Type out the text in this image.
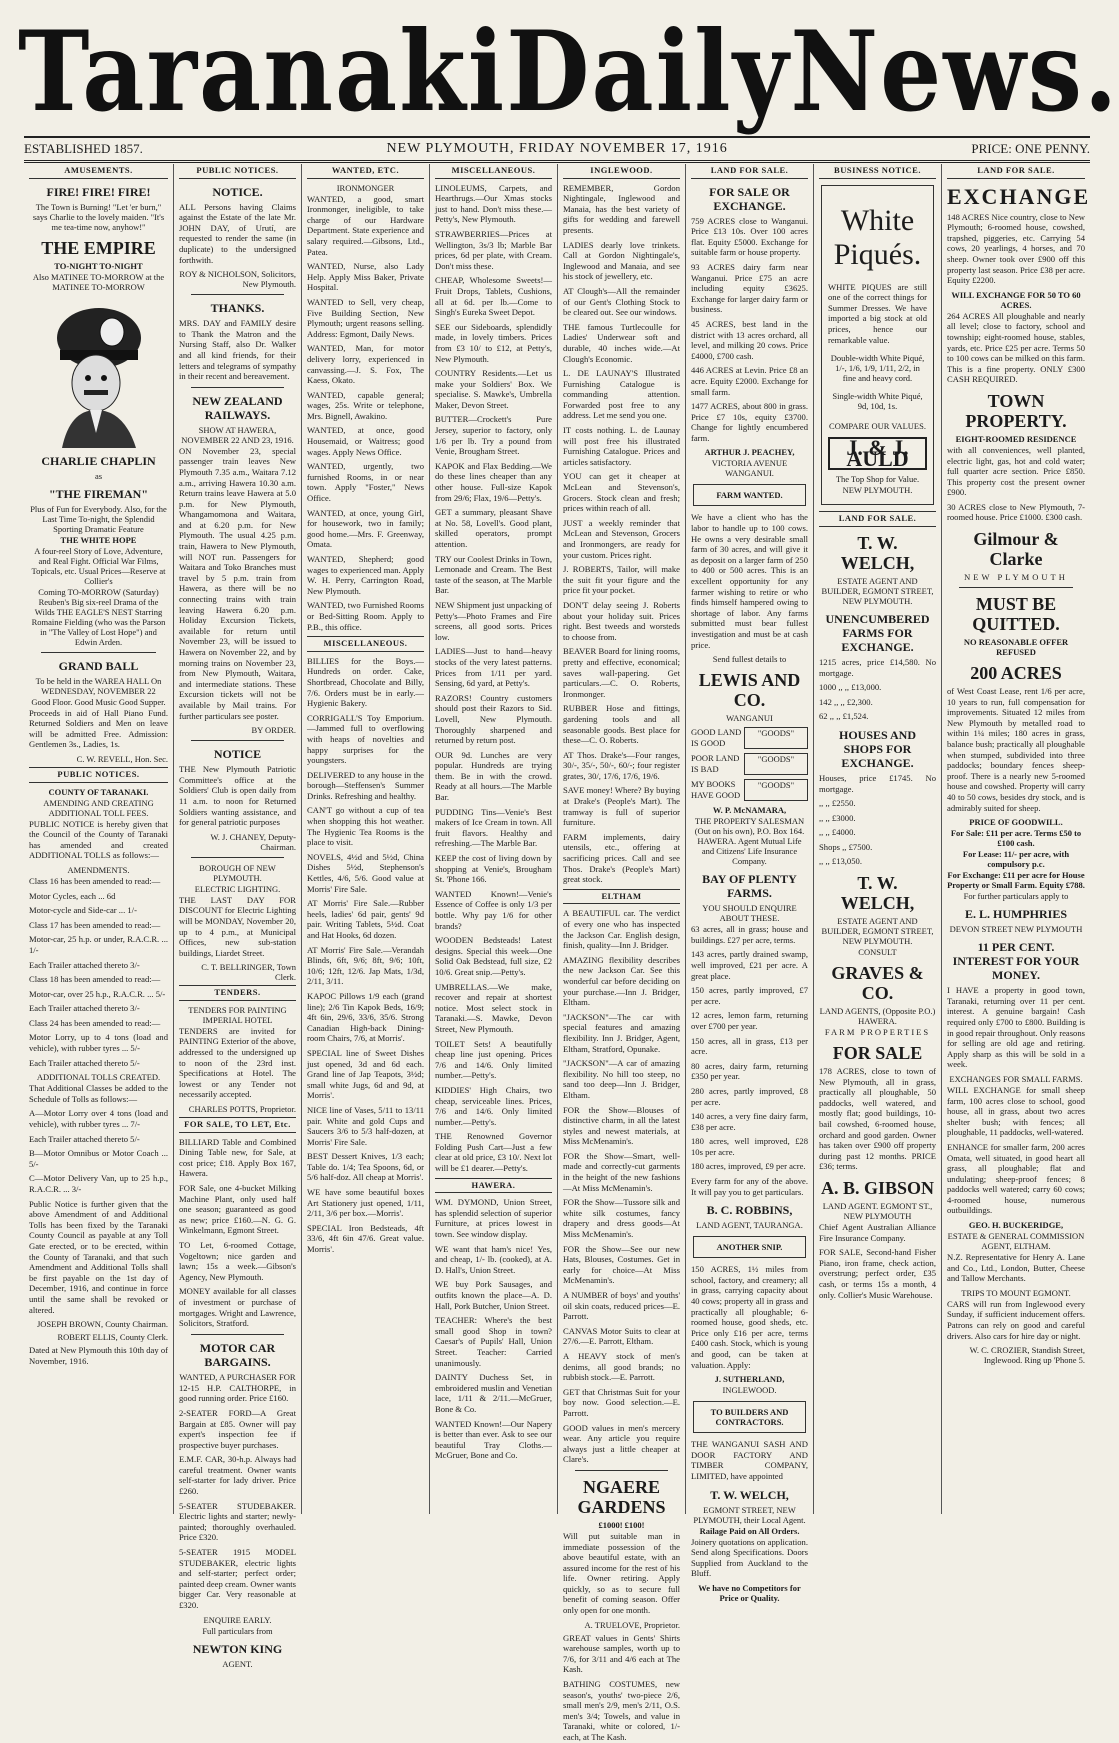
Taranaki Daily News.
ESTABLISHED 1857.	NEW PLYMOUTH, FRIDAY NOVEMBER 17, 1916	PRICE: ONE PENNY.
AMUSEMENTS.
FIRE! FIRE! FIRE!
The Town is Burning! "Let 'er burn," says Charlie to the lovely maiden. "It's me tea-time now, anyhow!"
THE EMPIRE
TO-NIGHT TO-NIGHT
Also MATINEE TO-MORROW at the MATINEE TO-MORROW
CHARLIE CHAPLIN
as
"THE FIREMAN"
Plus of Fun for Everybody. Also, for the Last Time To-night, the Splendid Sporting Dramatic Feature
THE WHITE HOPE
A four-reel Story of Love, Adventure, and Real Fight. Official War Films, Topicals, etc. Usual Prices—Reserve at Collier's
Coming TO-MORROW (Saturday) Reuben's Big six-reel Drama of the Wilds THE EAGLE'S NEST Starring Romaine Fielding (who was the Parson in "The Valley of Lost Hope") and Edwin Arden.
GRAND BALL
To be held in the WAREA HALL On WEDNESDAY, NOVEMBER 22
Good Floor. Good Music Good Supper.
Proceeds in aid of Hall Piano Fund. Returned Soldiers and Men on leave will be admitted Free. Admission: Gentlemen 3s., Ladies, 1s.
C. W. REVELL, Hon. Sec.
PUBLIC NOTICES.
COUNTY OF TARANAKI.
AMENDING AND CREATING ADDITIONAL TOLL FEES.
PUBLIC NOTICE is hereby given that the Council of the County of Taranaki has amended and created ADDITIONAL TOLLS as follows:—
AMENDMENTS.
Class 16 has been amended to read:—
Motor Cycles, each ... 6d
Motor-cycle and Side-car ... 1/-
Class 17 has been amended to read:—
Motor-car, 25 h.p. or under, R.A.C.R. ... 1/-
Each Trailer attached thereto 3/-
Class 18 has been amended to read:—
Motor-car, over 25 h.p., R.A.C.R. ... 5/-
Each Trailer attached thereto 3/-
Class 24 has been amended to read:—
Motor Lorry, up to 4 tons (load and vehicle), with rubber tyres ... 5/-
Each Trailer attached thereto 5/-
ADDITIONAL TOLLS CREATED.
That Additional Classes be added to the Schedule of Tolls as follows:—
A—Motor Lorry over 4 tons (load and vehicle), with rubber tyres ... 7/-
Each Trailer attached thereto 5/-
B—Motor Omnibus or Motor Coach ... 5/-
C—Motor Delivery Van, up to 25 h.p., R.A.C.R. ... 3/-
Public Notice is further given that the above Amendment of and Additional Tolls has been fixed by the Taranaki County Council as payable at any Toll Gate erected, or to be erected, within the County of Taranaki, and that such Amendment and Additional Tolls shall be first payable on the 1st day of December, 1916, and continue in force until the same shall be revoked or altered.
JOSEPH BROWN, County Chairman.
ROBERT ELLIS, County Clerk.
Dated at New Plymouth this 10th day of November, 1916.
PUBLIC NOTICES.
NOTICE.
ALL Persons having Claims against the Estate of the late Mr. JOHN DAY, of Urutí, are requested to render the same (in duplicate) to the undersigned forthwith.
ROY & NICHOLSON, Solicitors, New Plymouth.
THANKS.
MRS. DAY and FAMILY desire to Thank the Matron and the Nursing Staff, also Dr. Walker and all kind friends, for their letters and telegrams of sympathy in their recent and bereavement.
NEW ZEALAND RAILWAYS.
SHOW AT HAWERA, NOVEMBER 22 AND 23, 1916.
ON November 23, special passenger train leaves New Plymouth 7.35 a.m., Waitara 7.12 a.m., arriving Hawera 10.30 a.m. Return trains leave Hawera at 5.0 p.m. for New Plymouth, Whangamomona and Waitara, and at 6.20 p.m. for New Plymouth. The usual 4.25 p.m. train, Hawera to New Plymouth, will NOT run. Passengers for Waitara and Toko Branches must travel by 5 p.m. train from Hawera, as there will be no connecting trains with train leaving Hawera 6.20 p.m. Holiday Excursion Tickets, available for return until November 23, will be issued to Hawera on November 22, and by morning trains on November 23, from New Plymouth, Waitara, and intermediate stations. These Excursion tickets will not be available by Mail trains. For further particulars see poster.
BY ORDER.
NOTICE
THE New Plymouth Patriotic Committee's office at the Soldiers' Club is open daily from 11 a.m. to noon for Returned Soldiers wanting assistance, and for general patriotic purposes
W. J. CHANEY, Deputy-Chairman.
BOROUGH OF NEW PLYMOUTH.
ELECTRIC LIGHTING.
THE LAST DAY FOR DISCOUNT for Electric Lighting will be MONDAY, November 20, up to 4 p.m., at Municipal Offices, new sub-station buildings, Liardet Street.
C. T. BELLRINGER, Town Clerk.
TENDERS.
TENDERS FOR PAINTING IMPERIAL HOTEL
TENDERS are invited for PAINTING Exterior of the above, addressed to the undersigned up to noon of the 23rd inst. Specifications at Hotel. The lowest or any Tender not necessarily accepted.
CHARLES POTTS, Proprietor.
FOR SALE, TO LET, Etc.
BILLIARD Table and Combined Dining Table new, for Sale, at cost price; £18. Apply Box 167, Hawera.
FOR Sale, one 4-bucket Milking Machine Plant, only used half one season; guaranteed as good as new; price £160.—N. G. G. Winkelmann, Egmont Street.
TO Let, 6-roomed Cottage, Vogeltown; nice garden and lawn; 15s a week.—Gibson's Agency, New Plymouth.
MONEY available for all classes of investment or purchase of mortgages. Wright and Lawrence, Solicitors, Stratford.
MOTOR CAR BARGAINS.
WANTED, A PURCHASER FOR
12-15 H.P. CALTHORPE, in good running order. Price £160.
2-SEATER FORD—A Great Bargain at £85. Owner will pay expert's inspection fee if prospective buyer purchases.
E.M.F. CAR, 30-h.p. Always had careful treatment. Owner wants self-starter for lady driver. Price £260.
5-SEATER STUDEBAKER. Electric lights and starter; newly-painted; thoroughly overhauled. Price £320.
5-SEATER 1915 MODEL STUDEBAKER, electric lights and self-starter; perfect order; painted deep cream. Owner wants bigger Car. Very reasonable at £320.
ENQUIRE EARLY.
Full particulars from
NEWTON KING
AGENT.
WANTED, ETC.
IRONMONGER
WANTED, a good, smart Ironmonger, ineligible, to take charge of our Hardware Department. State experience and salary required.—Gibsons, Ltd., Patea.
WANTED, Nurse, also Lady Help. Apply Miss Baker, Private Hospital.
WANTED to Sell, very cheap, Five Building Section, New Plymouth; urgent reasons selling. Address: Egmont, Daily News.
WANTED, Man, for motor delivery lorry, experienced in canvassing.—J. S. Fox, The Kaess, Okato.
WANTED, capable general; wages, 25s. Write or telephone, Mrs. Bignell, Awakino.
WANTED, at once, good Housemaid, or Waitress; good wages. Apply News Office.
WANTED, urgently, two furnished Rooms, in or near town. Apply "Foster," News Office.
WANTED, at once, young Girl, for housework, two in family; good home.—Mrs. F. Greenway, Omata.
WANTED, Shepherd; good wages to experienced man. Apply W. H. Perry, Carrington Road, New Plymouth.
WANTED, two Furnished Rooms or Bed-Sitting Room. Apply to P.B., this office.
MISCELLANEOUS.
BILLIES for the Boys.—Hundreds on order. Cake, Shortbread, Chocolate and Billy, 7/6. Orders must be in early.—Hygienic Bakery.
CORRIGALL'S Toy Emporium.—Jammed full to overflowing with heaps of novelties and happy surprises for the youngsters.
DELIVERED to any house in the borough—Steffensen's Summer Drinks. Refreshing and healthy.
CAN'T go without a cup of tea when shopping this hot weather. The Hygienic Tea Rooms is the place to visit.
NOVELS, 4½d and 5½d, China Dishes 5½d, Stephenson's Kettles, 4/6, 5/6. Good value at Morris' Fire Sale.
AT Morris' Fire Sale.—Rubber heels, ladies' 6d pair, gents' 9d pair. Writing Tablets, 5½d. Coat and Hat Hooks, 6d dozen.
AT Morris' Fire Sale.—Verandah Blinds, 6ft, 9/6; 8ft, 9/6; 10ft, 10/6; 12ft, 12/6. Jap Mats, 1/3d, 2/11, 3/11.
KAPOC Pillows 1/9 each (grand line); 2/6 Tin Kapok Beds, 16/9; 4ft 6in, 29/6, 33/6, 35/6. Strong Canadian High-back Dining-room Chairs, 7/6, at Morris'.
SPECIAL line of Sweet Dishes just opened, 3d and 6d each. Grand line of Jap Teapots, 3½d; small white Jugs, 6d and 9d, at Morris'.
NICE line of Vases, 5/11 to 13/11 pair. White and gold Cups and Saucers 3/6 to 5/3 half-dozen, at Morris' Fire Sale.
BEST Dessert Knives, 1/3 each; Table do. 1/4; Tea Spoons, 6d, or 5/6 half-doz. All cheap at Morris'.
WE have some beautiful boxes Art Stationery just opened, 1/11, 2/11, 3/6 per box.—Morris'.
SPECIAL Iron Bedsteads, 4ft 33/6, 4ft 6in 47/6. Great value. Morris'.
MISCELLANEOUS.
LINOLEUMS, Carpets, and Hearthrugs.—Our Xmas stocks just to hand. Don't miss these.—Petty's, New Plymouth.
STRAWBERRIES—Prices at Wellington, 3s/3 lb; Marble Bar prices, 6d per plate, with Cream. Don't miss these.
CHEAP, Wholesome Sweets!—Fruit Drops, Tablets, Cushions, all at 6d. per lb.—Come to Singh's Eureka Sweet Depot.
SEE our Sideboards, splendidly made, in lovely timbers. Prices from £3 10/ to £12, at Petty's, New Plymouth.
COUNTRY Residents.—Let us make your Soldiers' Box. We specialise. S. Mawke's, Umbrella Maker, Devon Street.
BUTTER—Crockett's Pure Jersey, superior to factory, only 1/6 per lb. Try a pound from Venie, Brougham Street.
KAPOK and Flax Bedding.—We do these lines cheaper than any other house. Full-size Kapok from 29/6; Flax, 19/6—Petty's.
GET a summary, pleasant Shave at No. 58, Lovell's. Good plant, skilled operators, prompt attention.
TRY our Coolest Drinks in Town, Lemonade and Cream. The Best taste of the season, at The Marble Bar.
NEW Shipment just unpacking of Petty's—Photo Frames and Fire screens, all good sorts. Prices low.
LADIES—Just to hand—heavy stocks of the very latest patterns. Prices from 1/11 per yard. Sensing, 6d yard, at Petty's.
RAZORS! Country customers should post their Razors to Sid. Lovell, New Plymouth. Thoroughly sharpened and returned by return post.
OUR 9d. Lunches are very popular. Hundreds are trying them. Be in with the crowd. Ready at all hours.—The Marble Bar.
PUDDING Tins—Venie's Best makers of Ice Cream in town. All fruit flavors. Healthy and refreshing.—The Marble Bar.
KEEP the cost of living down by shopping at Venie's, Brougham St. 'Phone 166.
WANTED Known!—Venie's Essence of Coffee is only 1/3 per bottle. Why pay 1/6 for other brands?
WOODEN Bedsteads! Latest designs. Special this week—One Solid Oak Bedstead, full size, £2 10/6. Great snip.—Petty's.
UMBRELLAS.—We make, recover and repair at shortest notice. Most select stock in Taranaki.—S. Mawke, Devon Street, New Plymouth.
TOILET Sets! A beautifully cheap line just opening. Prices 7/6 and 14/6. Only limited number.—Petty's.
KIDDIES' High Chairs, two cheap, serviceable lines. Prices, 7/6 and 14/6. Only limited number.—Petty's.
THE Renowned Governor Folding Push Cart—Just a few clear at old price, £3 10/. Next lot will be £1 dearer.—Petty's.
HAWERA.
WM. DYMOND, Union Street, has splendid selection of superior Furniture, at prices lowest in town. See window display.
WE want that ham's nice! Yes, and cheap, 1/- lb. (cooked), at A. D. Hall's, Union Street.
WE buy Pork Sausages, and outfits known the place—A. D. Hall, Pork Butcher, Union Street.
TEACHER: Where's the best small good Shop in town? Caesar's of Pupils' Hall, Union Street. Teacher: Carried unanimously.
DAINTY Duchess Set, in embroidered muslin and Venetian lace, 1/11 & 2/11.—McGruer, Bone & Co.
WANTED Known!—Our Napery is better than ever. Ask to see our beautiful Tray Cloths.—McGruer, Bone and Co.
INGLEWOOD.
REMEMBER, Gordon Nightingale, Inglewood and Manaia, has the best variety of gifts for wedding and farewell presents.
LADIES dearly love trinkets. Call at Gordon Nightingale's, Inglewood and Manaia, and see his stock of jewellery, etc.
AT Clough's—All the remainder of our Gent's Clothing Stock to be cleared out. See our windows.
THE famous Turtlecoulle for Ladies' Underwear soft and durable, 40 inches wide.—At Clough's Economic.
L. DE LAUNAY'S Illustrated Furnishing Catalogue is commanding attention. Forwarded post free to any address. Let me send you one.
IT costs nothing. L. de Launay will post free his illustrated Furnishing Catalogue. Prices and articles satisfactory.
YOU can get it cheaper at McLean and Stevenson's, Grocers. Stock clean and fresh; prices within reach of all.
JUST a weekly reminder that McLean and Stevenson, Grocers and Ironmongers, are ready for your custom. Prices right.
J. ROBERTS, Tailor, will make the suit fit your figure and the price fit your pocket.
DON'T delay seeing J. Roberts about your holiday suit. Prices right. Best tweeds and worsteds to choose from.
BEAVER Board for lining rooms, pretty and effective, economical; saves wall-papering. Get particulars.—C. O. Roberts, Ironmonger.
RUBBER Hose and fittings, gardening tools and all seasonable goods. Best place for these—C. O. Roberts.
AT Thos. Drake's—Four ranges, 30/-, 35/-, 50/-, 60/-; four register grates, 30/, 17/6, 17/6, 19/6.
SAVE money! Where? By buying at Drake's (People's Mart). The tramway is full of superior furniture.
FARM implements, dairy utensils, etc., offering at sacrificing prices. Call and see Thos. Drake's (People's Mart) great stock.
ELTHAM
A BEAUTIFUL car. The verdict of every one who has inspected the Jackson Car. English design, finish, quality—Inn J. Bridger.
AMAZING flexibility describes the new Jackson Car. See this wonderful car before deciding on your purchase.—Inn J. Bridger, Eltham.
"JACKSON"—The car with special features and amazing flexibility. Inn J. Bridger, Agent, Eltham, Stratford, Opunake.
"JACKSON"—A car of amazing flexibility. No hill too steep, no sand too deep—Inn J. Bridger, Eltham.
FOR the Show—Blouses of distinctive charm, in all the latest styles and newest materials, at Miss McMenamin's.
FOR the Show—Smart, well-made and correctly-cut garments in the height of the new fashions—At Miss McMenamin's.
FOR the Show—Tussore silk and white silk costumes, fancy drapery and dress goods—At Miss McMenamin's.
FOR the Show—See our new Hats, Blouses, Costumes. Get in early for choice—At Miss McMenamin's.
A NUMBER of boys' and youths' oil skin coats, reduced prices—E. Parrott.
CANVAS Motor Suits to clear at 27/6.—E. Parrott, Eltham.
A HEAVY stock of men's denims, all good brands; no rubbish stock.—E. Parrott.
GET that Christmas Suit for your boy now. Good selection.—E. Parrott.
GOOD values in men's mercery wear. Any article you require always just a little cheaper at Clare's.
NGAERE GARDENS
£1000! £100!
Will put suitable man in immediate possession of the above beautiful estate, with an assured income for the rest of his life. Owner retiring. Apply quickly, so as to secure full benefit of coming season. Offer only open for one month.
A. TRUELOVE, Proprietor.
GREAT values in Gents' Shirts warehouse samples, worth up to 7/6, for 3/11 and 4/6 each at The Kash.
BATHING COSTUMES, new season's, youths' two-piece 2/6, small men's 2/9, men's 2/11, O.S. men's 3/4; Towels, and value in Taranaki, white or colored, 1/- each, at The Kash.
LAND FOR SALE.
FOR SALE OR EXCHANGE.
759 ACRES close to Wanganui. Price £13 10s. Over 100 acres flat. Equity £5000. Exchange for suitable farm or house property.
93 ACRES dairy farm near Wanganui. Price £75 an acre including equity £3625. Exchange for larger dairy farm or business.
45 ACRES, best land in the district with 13 acres orchard, all level, and milking 20 cows. Price £4000, £700 cash.
446 ACRES at Levin. Price £8 an acre. Equity £2000. Exchange for small farm.
1477 ACRES, about 800 in grass. Price £7 10s, equity £3700. Change for lightly encumbered farm.
ARTHUR J. PEACHEY,
VICTORIA AVENUE WANGANUI.
FARM WANTED.
We have a client who has the labor to handle up to 100 cows. He owns a very desirable small farm of 30 acres, and will give it as deposit on a larger farm of 250 to 400 or 500 acres. This is an excellent opportunity for any farmer wishing to retire or who finds himself hampered owing to shortage of labor. Any farms submitted must bear fullest investigation and must be at cash price.
Send fullest details to
LEWIS AND CO.
WANGANUI
GOOD LAND IS GOOD
"GOODS"
POOR LAND IS BAD
"GOODS"
MY BOOKS HAVE GOOD
"GOODS"
W. P. McNAMARA,
THE PROPERTY SALESMAN (Out on his own), P.O. Box 164. HAWERA. Agent Mutual Life and Citizens' Life Insurance Company.
BAY OF PLENTY FARMS.
YOU SHOULD ENQUIRE ABOUT THESE.
63 acres, all in grass; house and buildings. £27 per acre, terms.
143 acres, partly drained swamp, well improved, £21 per acre. A great place.
150 acres, partly improved, £7 per acre.
12 acres, lemon farm, returning over £700 per year.
150 acres, all in grass, £13 per acre.
80 acres, dairy farm, returning £350 per year.
280 acres, partly improved, £8 per acre.
140 acres, a very fine dairy farm, £38 per acre.
180 acres, well improved, £28 10s per acre.
180 acres, improved, £9 per acre.
Every farm for any of the above. It will pay you to get particulars.
B. C. ROBBINS,
LAND AGENT, TAURANGA.
ANOTHER SNIP.
150 ACRES, 1½ miles from school, factory, and creamery; all in grass, carrying capacity about 40 cows; property all in grass and practically all ploughable; 6-roomed house, good sheds, etc. Price only £16 per acre, terms £400 cash. Stock, which is young and good, can be taken at valuation. Apply:
J. SUTHERLAND,
INGLEWOOD.
TO BUILDERS AND CONTRACTORS.
THE WANGANUI SASH AND DOOR FACTORY AND TIMBER COMPANY, LIMITED, have appointed
T. W. WELCH,
EGMONT STREET, NEW PLYMOUTH, their Local Agent.
Railage Paid on All Orders.
Joinery quotations on application. Send along Specifications. Doors Supplied from Auckland to the Bluff.
We have no Competitors for Price or Quality.
BUSINESS NOTICE.
White Piqués.
WHITE PIQUES are still one of the correct things for Summer Dresses. We have imported a big stock at old prices, hence our remarkable value.
Double-width White Piqué, 1/-, 1/6, 1/9, 1/11, 2/2, in fine and heavy cord.
Single-width White Piqué, 9d, 10d, 1s.
COMPARE OUR VALUES.
J. & J. AULD
The Top Shop for Value.
NEW PLYMOUTH.
LAND FOR SALE.
T. W. WELCH,
ESTATE AGENT AND BUILDER, EGMONT STREET, NEW PLYMOUTH.
UNENCUMBERED FARMS FOR EXCHANGE.
1215 acres, price £14,580. No mortgage.
1000 ,, ,, £13,000.
142 ,, ,, £2,300.
62 ,, ,, £1,524.
HOUSES AND SHOPS FOR EXCHANGE.
Houses, price £1745. No mortgage.
,, ,, £2550.
,, ,, £3000.
,, ,, £4000.
Shops ,, £7500.
,, ,, £13,050.
T. W. WELCH,
ESTATE AGENT AND BUILDER, EGMONT STREET, NEW PLYMOUTH.
CONSULT
GRAVES & CO.
LAND AGENTS, (Opposite P.O.) HAWERA.
FARM PROPERTIES
FOR SALE
178 ACRES, close to town of New Plymouth, all in grass, practically all ploughable, 50 paddocks, well watered, and mostly flat; good buildings, 10-bail cowshed, 6-roomed house, orchard and good garden. Owner has taken over £900 off property during past 12 months. PRICE £36; terms.
A. B. GIBSON
LAND AGENT. EGMONT ST., NEW PLYMOUTH
Chief Agent Australian Alliance Fire Insurance Company.
FOR SALE, Second-hand Fisher Piano, iron frame, check action, overstrung; perfect order, £35 cash, or terms 15s a month, 4 only. Collier's Music Warehouse.
LAND FOR SALE.
EXCHANGE
148 ACRES Nice country, close to New Plymouth; 6-roomed house, cowshed, trapshed, piggeries, etc. Carrying 54 cows, 20 yearlings, 4 horses, and 70 sheep. Owner took over £900 off this property last season. Price £38 per acre. Equity £2200.
WILL EXCHANGE FOR 50 TO 60 ACRES.
264 ACRES All ploughable and nearly all level; close to factory, school and township; eight-roomed house, stables, yards, etc. Price £25 per acre. Terms 50 to 100 cows can be milked on this farm. This is a fine property. ONLY £300 CASH REQUIRED.
TOWN PROPERTY.
EIGHT-ROOMED RESIDENCE
with all conveniences, well planted, electric light, gas, hot and cold water; full quarter acre section. Price £850. This property cost the present owner £900.
30 ACRES close to New Plymouth, 7-roomed house. Price £1000. £300 cash.
Gilmour & Clarke
NEW PLYMOUTH
MUST BE QUITTED.
NO REASONABLE OFFER REFUSED
200 ACRES
of West Coast Lease, rent 1/6 per acre, 10 years to run, full compensation for improvements. Situated 12 miles from New Plymouth by metalled road to within 1¼ miles; 180 acres in grass, balance bush; practically all ploughable when stumped, subdivided into three paddocks; boundary fences sheep-proof. There is a nearly new 5-roomed house and cowshed. Property will carry 40 to 50 cows, besides dry stock, and is admirably suited for sheep.
PRICE OF GOODWILL.
For Sale: £11 per acre. Terms £50 to £100 cash.
For Lease: 11/- per acre, with compulsory p.c.
For Exchange: £11 per acre for House Property or Small Farm. Equity £788.
For further particulars apply to
E. L. HUMPHRIES
DEVON STREET NEW PLYMOUTH
11 PER CENT. INTEREST FOR YOUR MONEY.
I HAVE a property in good town, Taranaki, returning over 11 per cent. interest. A genuine bargain! Cash required only £700 to £800. Building is in good repair throughout. Only reasons for selling are old age and retiring. Apply sharp as this will be sold in a week.
EXCHANGES FOR SMALL FARMS.
WILL EXCHANGE for small sheep farm, 100 acres close to school, good house, all in grass, about two acres shelter bush; with fences; all ploughable, 11 paddocks, well-watered.
ENHANCE for smaller farm, 200 acres Omata, well situated, in good heart all grass, all ploughable; flat and undulating; sheep-proof fences; 8 paddocks well watered; carry 60 cows; 4-roomed house, numerous outbuildings.
GEO. H. BUCKERIDGE,
ESTATE & GENERAL COMMISSION AGENT, ELTHAM.
N.Z. Representative for Henry A. Lane and Co., Ltd., London, Butter, Cheese and Tallow Merchants.
TRIPS TO MOUNT EGMONT.
CARS will run from Inglewood every Sunday, if sufficient inducement offers. Patrons can rely on good and careful drivers. Also cars for hire day or night.
W. C. CROZIER, Standish Street, Inglewood. Ring up 'Phone 5.
